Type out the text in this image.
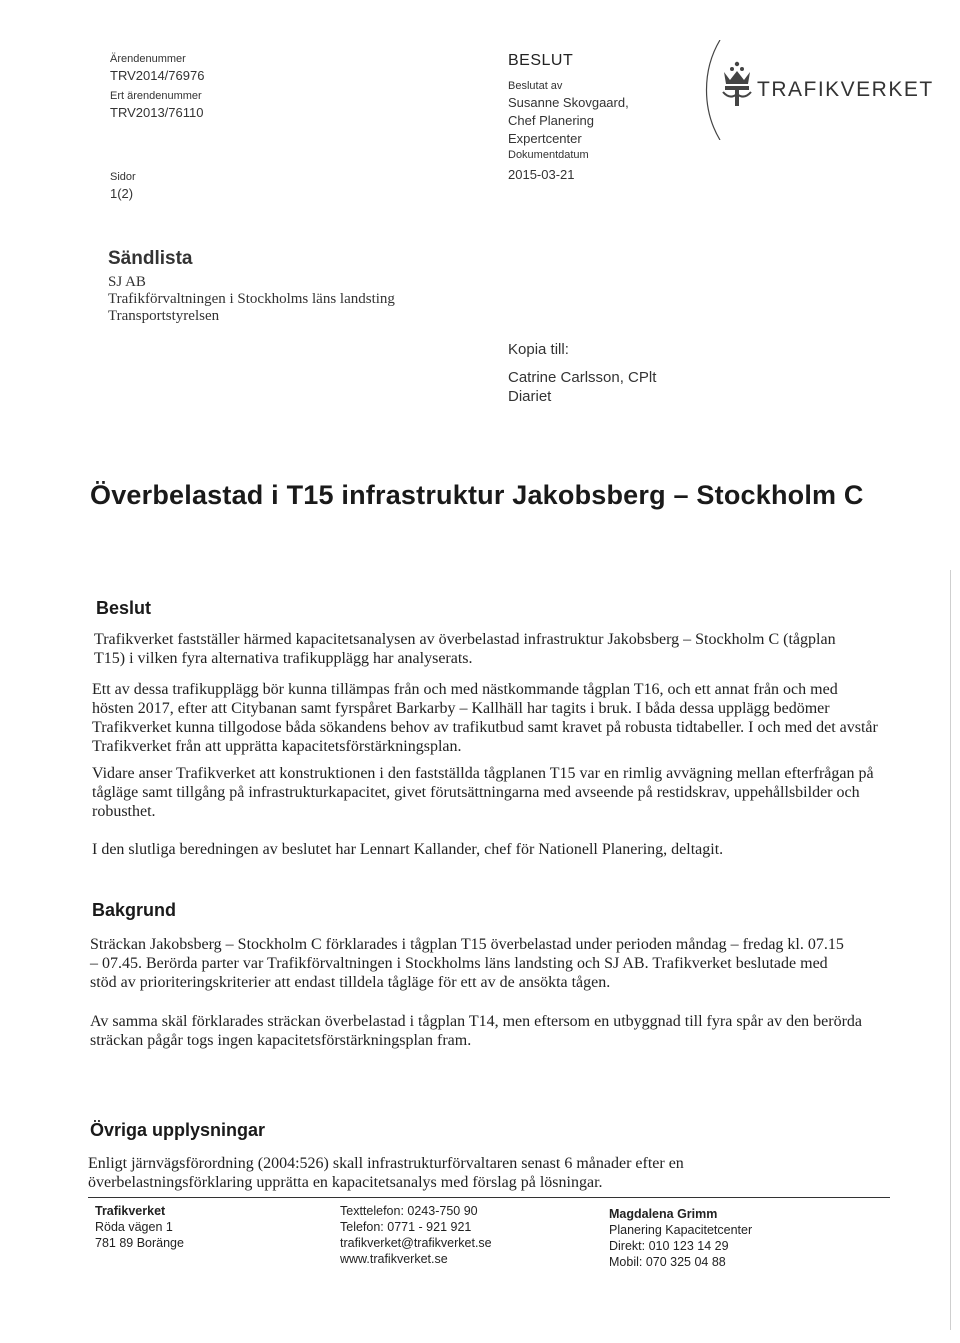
Ärendenummer
TRV2014/76976
Ert ärendenummer
TRV2013/76110
Sidor
1(2)
BESLUT
Beslutat av
Susanne Skovgaard,
Chef Planering
Expertcenter
Dokumentdatum
2015-03-21
TRAFIKVERKET
Sändlista
SJ AB
Trafikförvaltningen i Stockholms läns landsting
Transportstyrelsen
Kopia till:
Catrine Carlsson, CPlt
Diariet
Överbelastad i T15 infrastruktur Jakobsberg – Stockholm C
Beslut

Trafikverket fastställer härmed kapacitetsanalysen av överbelastad infrastruktur Jakobsberg – Stockholm C (tågplan T15) i vilken fyra alternativa trafikupplägg har analyserats.

Ett av dessa trafikupplägg bör kunna tillämpas från och med nästkommande tågplan T16, och ett annat från och med hösten 2017, efter att Citybanan samt fyrspåret Barkarby – Kallhäll har tagits i bruk. I båda dessa upplägg bedömer Trafikverket kunna tillgodose båda sökandens behov av trafikutbud samt kravet på robusta tidtabeller. I och med det avstår Trafikverket från att upprätta kapacitetsförstärkningsplan.

Vidare anser Trafikverket att konstruktionen i den fastställda tågplanen T15 var en rimlig avvägning mellan efterfrågan på tågläge samt tillgång på infrastrukturkapacitet, givet förutsättningarna med avseende på restidskrav, uppehållsbilder och robusthet.

I den slutliga beredningen av beslutet har Lennart Kallander, chef för Nationell Planering, deltagit.

Bakgrund

Sträckan Jakobsberg – Stockholm C förklarades i tågplan T15 överbelastad under perioden måndag – fredag kl. 07.15 – 07.45. Berörda parter var Trafikförvaltningen i Stockholms läns landsting och SJ AB. Trafikverket beslutade med stöd av prioriteringskriterier att endast tilldela tågläge för ett av de ansökta tågen.

Av samma skäl förklarades sträckan överbelastad i tågplan T14, men eftersom en utbyggnad till fyra spår av den berörda sträckan pågår togs ingen kapacitetsförstärkningsplan fram.

Övriga upplysningar

Enligt järnvägsförordning (2004:526) skall infrastrukturförvaltaren senast 6 månader efter en överbelastningsförklaring upprätta en kapacitetsanalys med förslag på lösningar.

Trafikverket
Röda vägen 1
781 89 Boränge
Texttelefon: 0243-750 90
Telefon: 0771 - 921 921
trafikverket@trafikverket.se
www.trafikverket.se
Magdalena Grimm
Planering Kapacitetcenter
Direkt: 010 123 14 29
Mobil: 070 325 04 88
